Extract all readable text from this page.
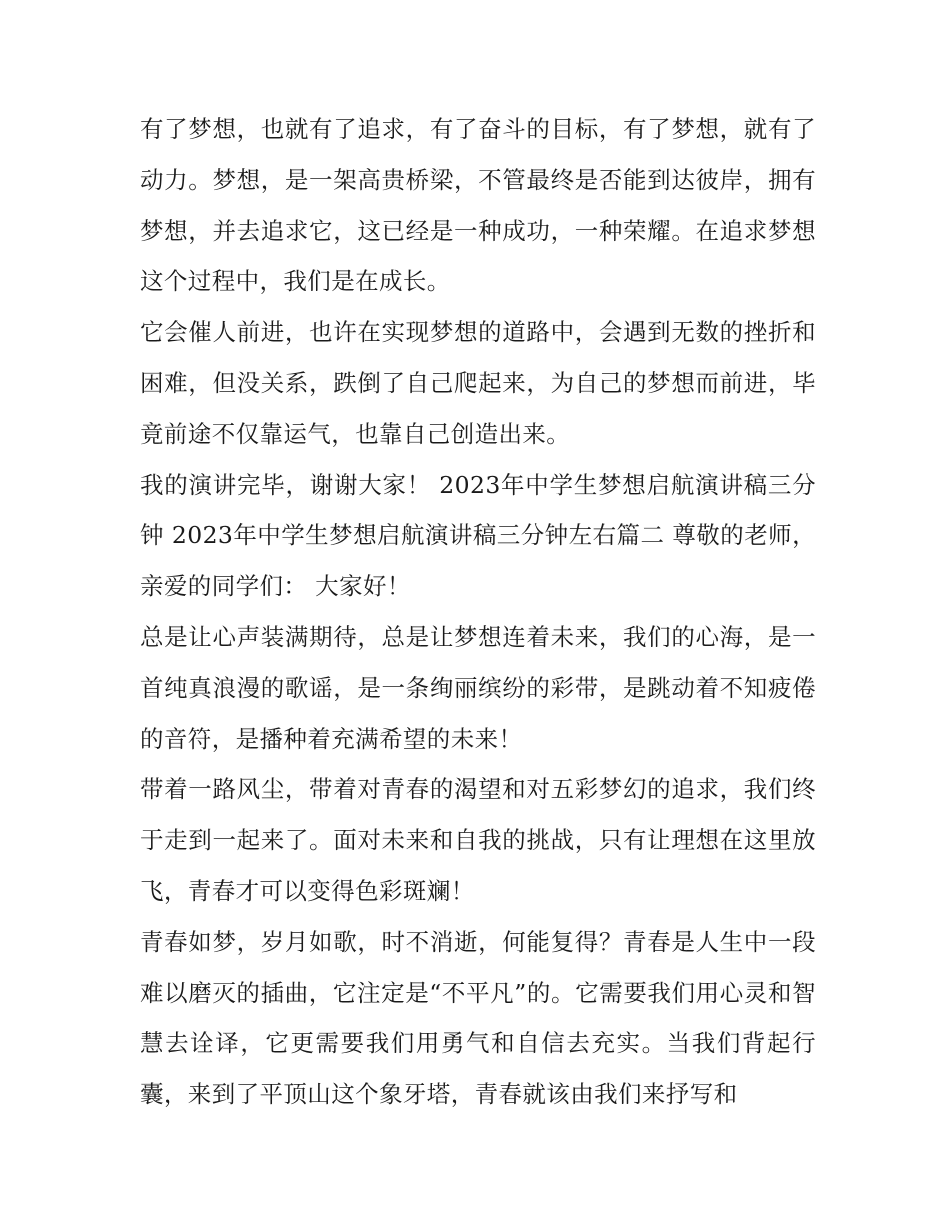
有了梦想，也就有了追求，有了奋斗的目标，有了梦想，就有了动力。梦想，是一架高贵桥梁，不管最终是否能到达彼岸，拥有梦想，并去追求它，这已经是一种成功，一种荣耀。在追求梦想这个过程中，我们是在成长。

它会催人前进，也许在实现梦想的道路中，会遇到无数的挫折和困难，但没关系，跌倒了自己爬起来，为自己的梦想而前进，毕竟前途不仅靠运气，也靠自己创造出来。

我的演讲完毕，谢谢大家！ 2023年中学生梦想启航演讲稿三分钟 2023年中学生梦想启航演讲稿三分钟左右篇二 尊敬的老师，亲爱的同学们： 大家好！

总是让心声装满期待，总是让梦想连着未来，我们的心海，是一首纯真浪漫的歌谣，是一条绚丽缤纷的彩带，是跳动着不知疲倦的音符，是播种着充满希望的未来！

带着一路风尘，带着对青春的渴望和对五彩梦幻的追求，我们终于走到一起来了。面对未来和自我的挑战，只有让理想在这里放飞，青春才可以变得色彩斑斓！

青春如梦，岁月如歌，时不消逝，何能复得？青春是人生中一段难以磨灭的插曲，它注定是“不平凡”的。它需要我们用心灵和智慧去诠译，它更需要我们用勇气和自信去充实。当我们背起行囊，来到了平顶山这个象牙塔，青春就该由我们来抒写和
